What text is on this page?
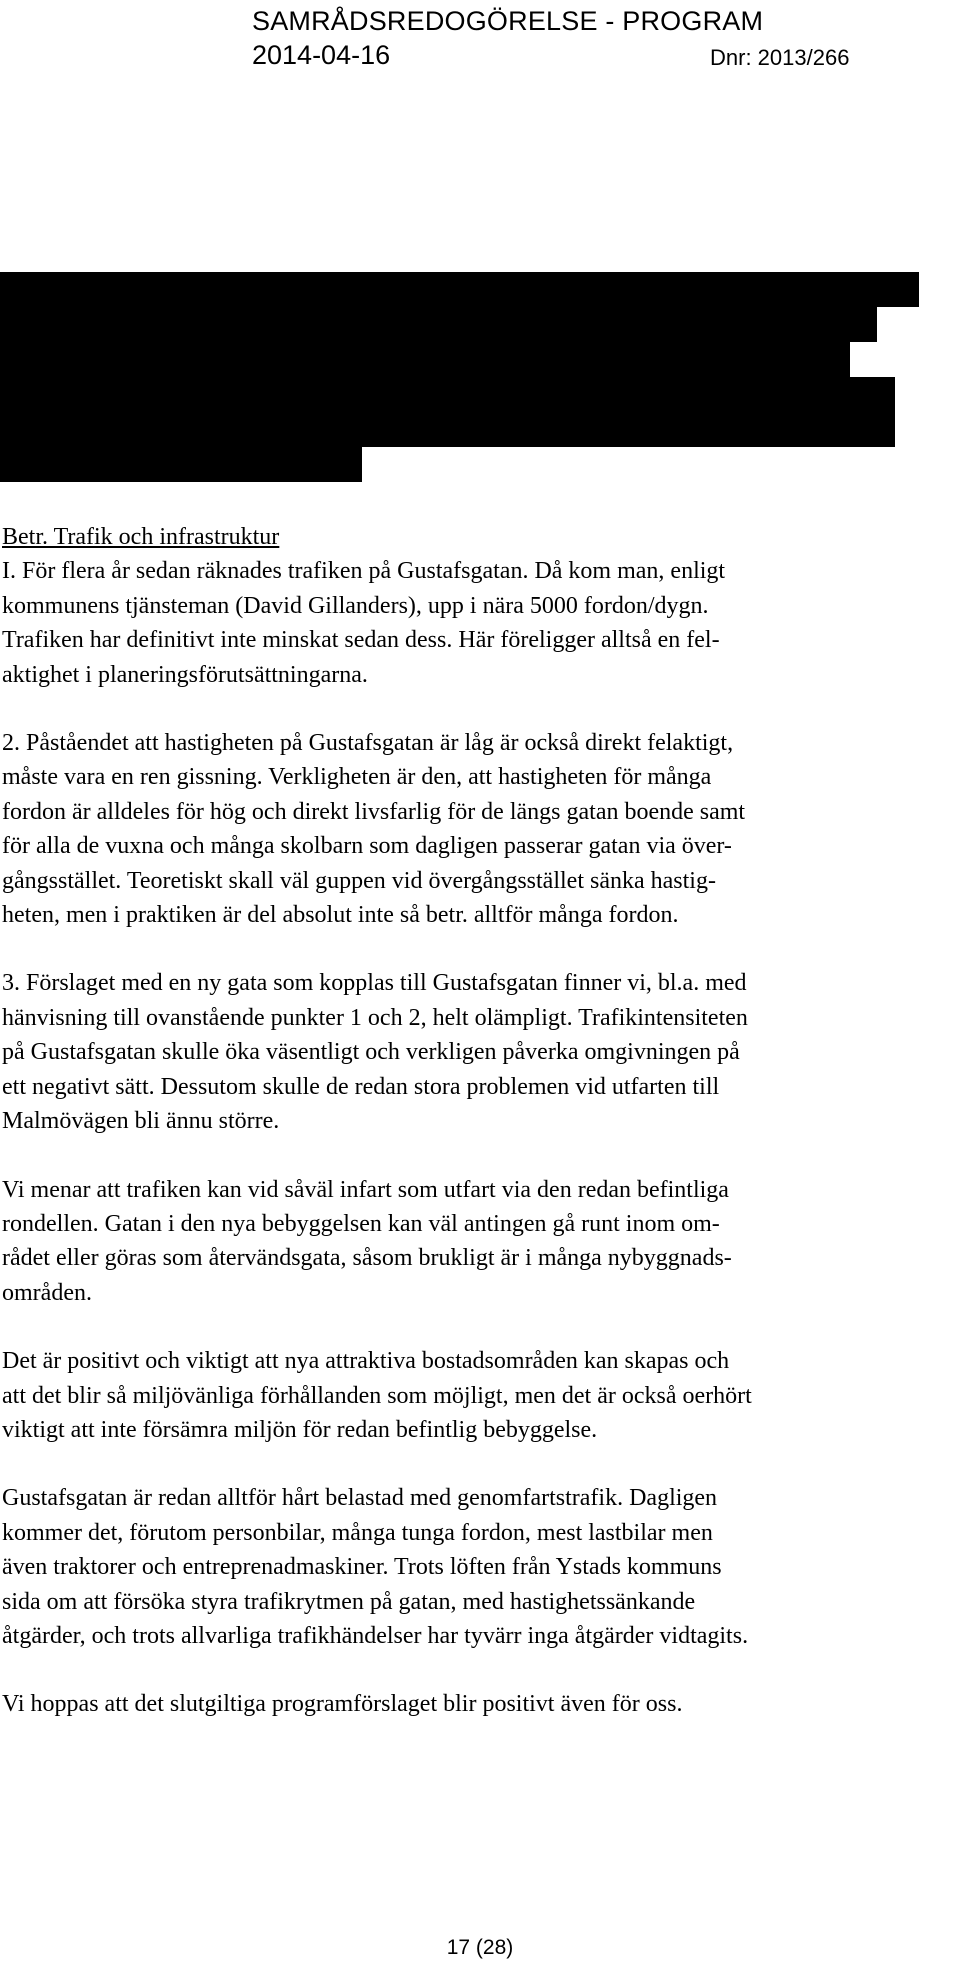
SAMRÅDSREDOGÖRELSE - PROGRAM
2014-04-16	Dnr: 2013/266
Betr. Trafik och infrastruktur

I. För flera år sedan räknades trafiken på Gustafsgatan. Då kom man, enligt
kommunens tjänsteman (David Gillanders), upp i nära 5000 fordon/dygn.
Trafiken har definitivt inte minskat sedan dess. Här föreligger alltså en fel-
aktighet i planeringsförutsättningarna.

2. Påståendet att hastigheten på Gustafsgatan är låg är också direkt felaktigt,
måste vara en ren gissning. Verkligheten är den, att hastigheten för många
fordon är alldeles för hög och direkt livsfarlig för de längs gatan boende samt
för alla de vuxna och många skolbarn som dagligen passerar gatan via över-
gångsstället. Teoretiskt skall väl guppen vid övergångsstället sänka hastig-
heten, men i praktiken är del absolut inte så betr. alltför många fordon.

3. Förslaget med en ny gata som kopplas till Gustafsgatan finner vi, bl.a. med
hänvisning till ovanstående punkter 1 och 2, helt olämpligt. Trafikintensiteten
på Gustafsgatan skulle öka väsentligt och verkligen påverka omgivningen på
ett negativt sätt. Dessutom skulle de redan stora problemen vid utfarten till
Malmövägen bli ännu större.

Vi menar att trafiken kan vid såväl infart som utfart via den redan befintliga
rondellen. Gatan i den nya bebyggelsen kan väl antingen gå runt inom om-
rådet eller göras som återvändsgata, såsom brukligt är i många nybyggnads-
områden.

Det är positivt och viktigt att nya attraktiva bostadsområden kan skapas och
att det blir så miljövänliga förhållanden som möjligt, men det är också oerhört
viktigt att inte försämra miljön för redan befintlig bebyggelse.

Gustafsgatan är redan alltför hårt belastad med genomfartstrafik. Dagligen
kommer det, förutom personbilar, många tunga fordon, mest lastbilar men
även traktorer och entreprenadmaskiner. Trots löften från Ystads kommuns
sida om att försöka styra trafikrytmen på gatan, med hastighetssänkande
åtgärder, och trots allvarliga trafikhändelser har tyvärr inga åtgärder vidtagits.

Vi hoppas att det slutgiltiga programförslaget blir positivt även för oss.

17 (28)
